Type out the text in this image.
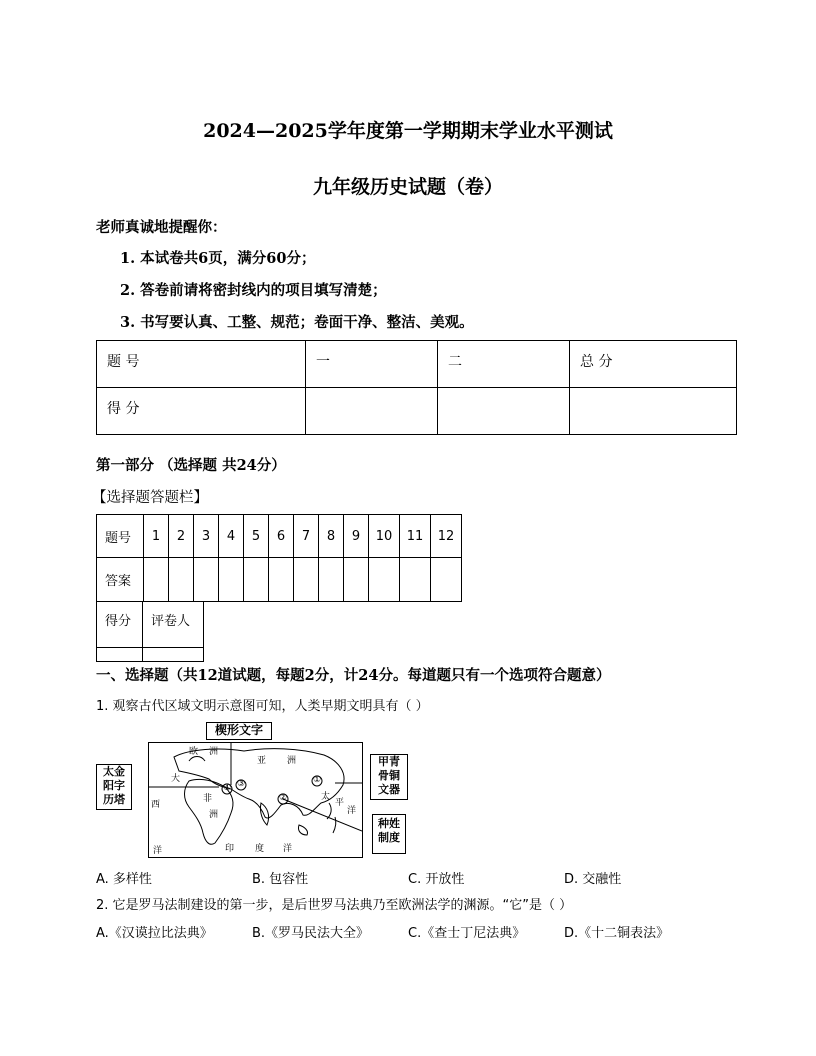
2024—2025学年度第一学期期末学业水平测试
九年级历史试题（卷）
老师真诚地提醒你：
1. 本试卷共6页，满分60分；
2. 答卷前请将密封线内的项目填写清楚；
3. 书写要认真、工整、规范；卷面干净、整洁、美观。
题 号	一	二	总 分
得 分			
第一部分 （选择题 共24分）
【选择题答题栏】
题号	1	2	3	4	5	6	7	8	9	10	11	12
答案												
得分	评卷人

一、选择题（共12道试题，每题2分，计24分。每道题只有一个选项符合题意）
1. 观察古代区域文明示意图可知，人类早期文明具有（ ）
欧 洲
亚 洲
大
西
非
洲
印 度 洋
太
平
洋
洋
①
②
③
④
楔形文字
太金
阳字
历塔
甲青
骨铜
文器
种姓
制度
A. 多样性	B. 包容性	C. 开放性	D. 交融性
2. 它是罗马法制建设的第一步，是后世罗马法典乃至欧洲法学的渊源。“它”是（ ）
A.《汉谟拉比法典》	B.《罗马民法大全》	C.《查士丁尼法典》	D.《十二铜表法》
